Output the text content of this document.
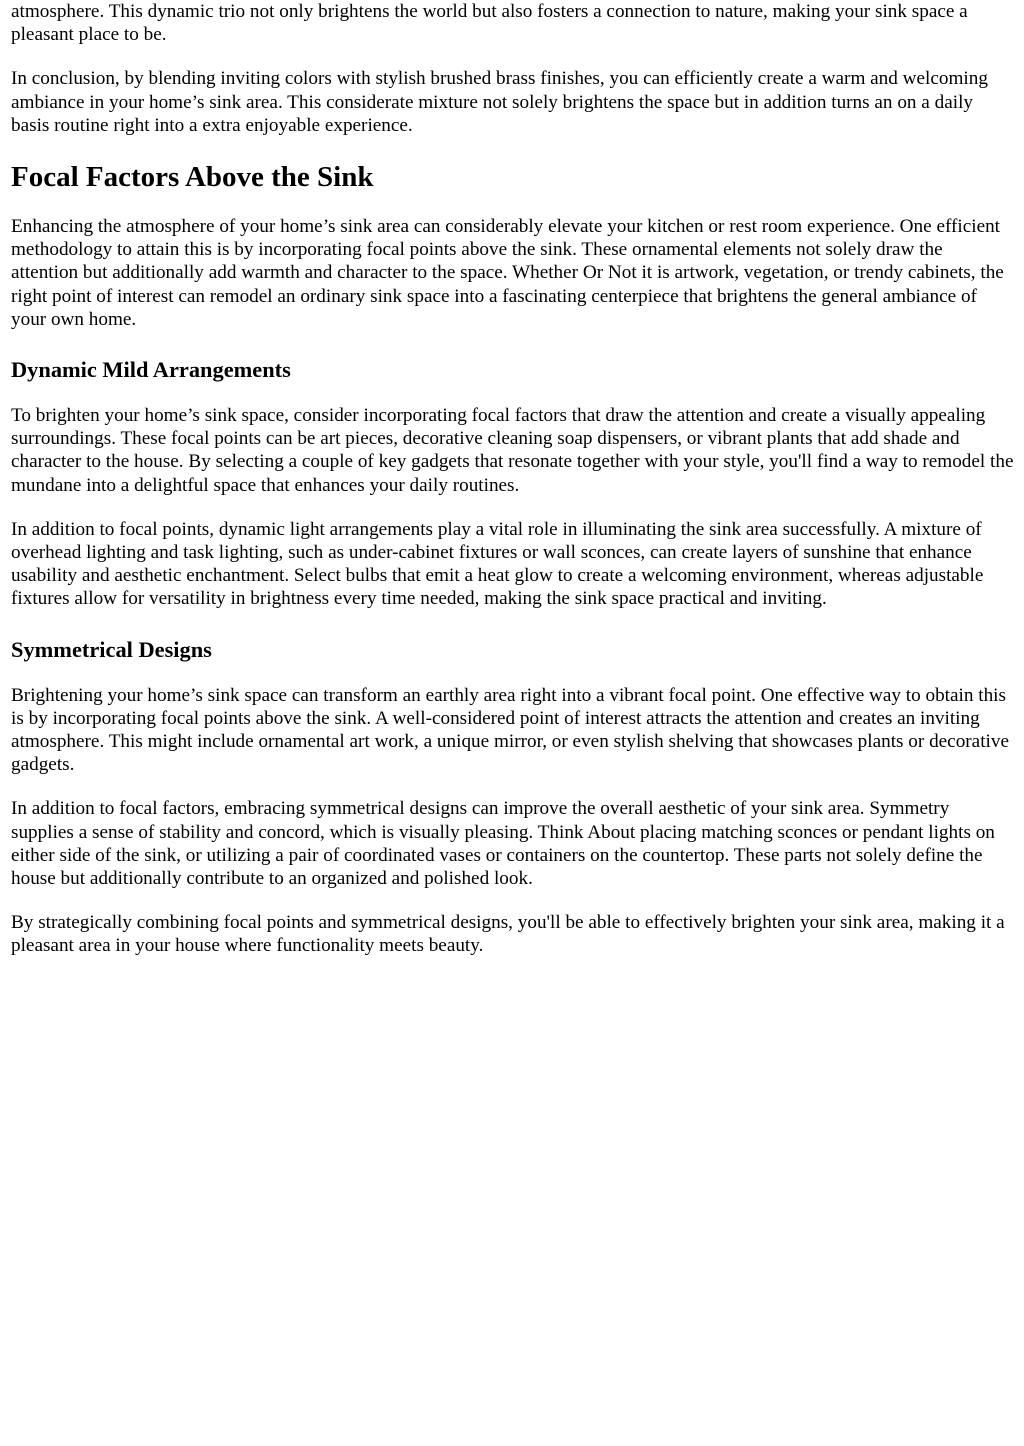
atmosphere. This dynamic trio not only brightens the world but also fosters a connection to nature, making your sink space a pleasant place to be.

In conclusion, by blending inviting colors with stylish brushed brass finishes, you can efficiently create a warm and welcoming ambiance in your home’s sink area. This considerate mixture not solely brightens the space but in addition turns an on a daily basis routine right into a extra enjoyable experience.

Focal Factors Above the Sink

Enhancing the atmosphere of your home’s sink area can considerably elevate your kitchen or rest room experience. One efficient methodology to attain this is by incorporating focal points above the sink. These ornamental elements not solely draw the attention but additionally add warmth and character to the space. Whether Or Not it is artwork, vegetation, or trendy cabinets, the right point of interest can remodel an ordinary sink space into a fascinating centerpiece that brightens the general ambiance of your own home.

Dynamic Mild Arrangements

To brighten your home’s sink space, consider incorporating focal factors that draw the attention and create a visually appealing surroundings. These focal points can be art pieces, decorative cleaning soap dispensers, or vibrant plants that add shade and character to the house. By selecting a couple of key gadgets that resonate together with your style, you'll find a way to remodel the mundane into a delightful space that enhances your daily routines.

In addition to focal points, dynamic light arrangements play a vital role in illuminating the sink area successfully. A mixture of overhead lighting and task lighting, such as under-cabinet fixtures or wall sconces, can create layers of sunshine that enhance usability and aesthetic enchantment. Select bulbs that emit a heat glow to create a welcoming environment, whereas adjustable fixtures allow for versatility in brightness every time needed, making the sink space practical and inviting.

Symmetrical Designs

Brightening your home’s sink space can transform an earthly area right into a vibrant focal point. One effective way to obtain this is by incorporating focal points above the sink. A well-considered point of interest attracts the attention and creates an inviting atmosphere. This might include ornamental art work, a unique mirror, or even stylish shelving that showcases plants or decorative gadgets.

In addition to focal factors, embracing symmetrical designs can improve the overall aesthetic of your sink area. Symmetry supplies a sense of stability and concord, which is visually pleasing. Think About placing matching sconces or pendant lights on either side of the sink, or utilizing a pair of coordinated vases or containers on the countertop. These parts not solely define the house but additionally contribute to an organized and polished look.

By strategically combining focal points and symmetrical designs, you'll be able to effectively brighten your sink area, making it a pleasant area in your house where functionality meets beauty.
